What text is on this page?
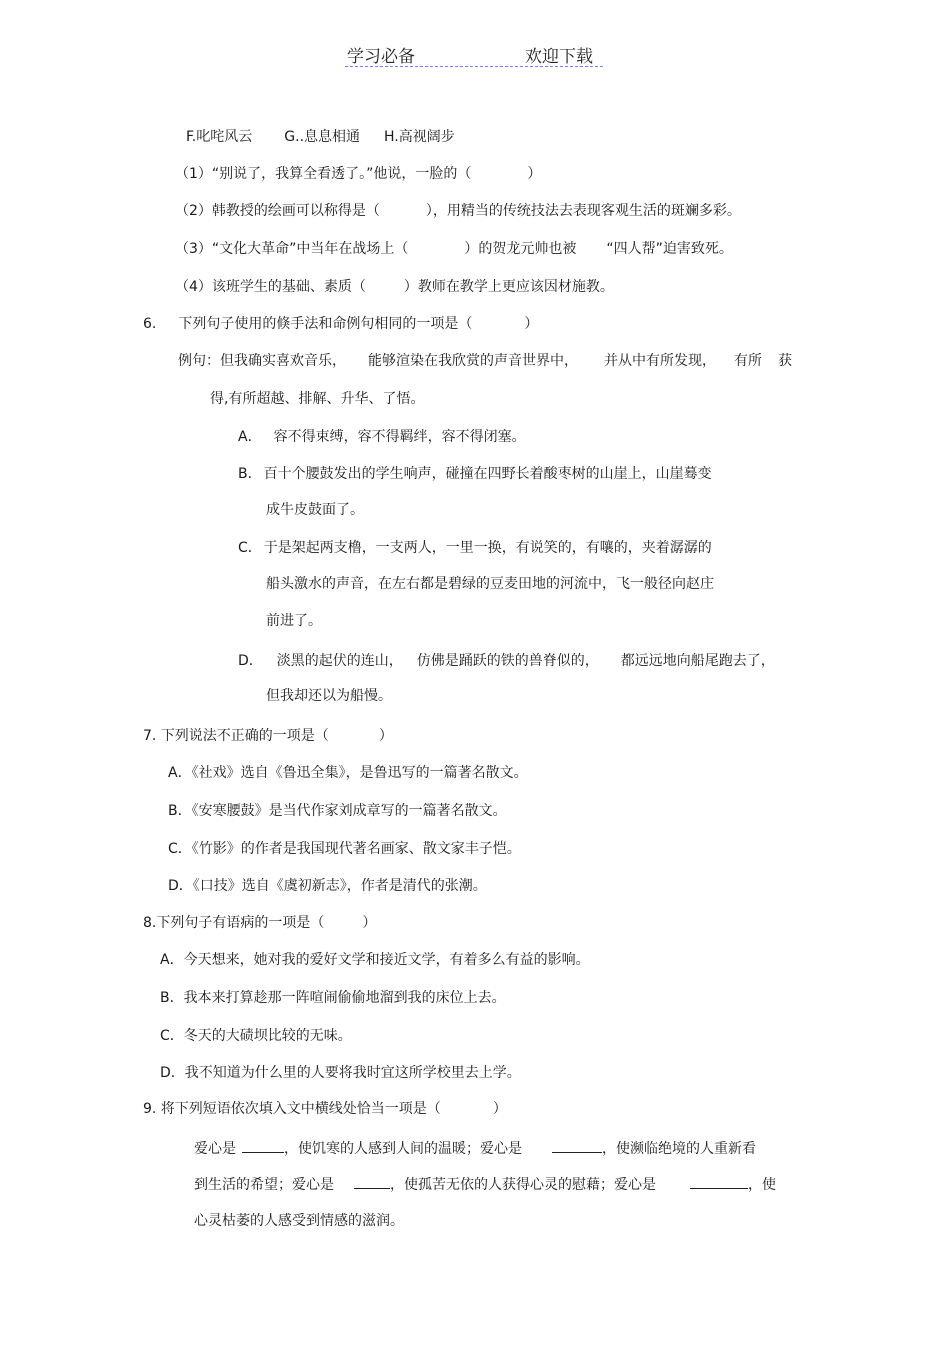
学习必备	欢迎下载
F.叱咤风云 G..息息相通 H.高视阔步
（1）“别说了，我算全看透了。”他说，一脸的（	）
（2）韩教授的绘画可以称得是（	），用精当的传统技法去表现客观生活的斑斓多彩。
（3）“文化大革命”中当年在战场上（	）的贺龙元帅也被 “四人帮”迫害致死。
（4）该班学生的基础、素质（	）教师在教学上更应该因材施教。
6. 下列句子使用的倏手法和命例句相同的一项是（	）
例句：但我确实喜欢音乐， 能够渲染在我欣赏的声音世界中， 并从中有所发现， 有所 获
得,有所超越、排解、升华、了悟。
A． 容不得束缚，容不得羁绊，容不得闭塞。
B． 百十个腰鼓发出的学生响声，碰撞在四野长着酸枣树的山崖上，山崖蓦变
成牛皮鼓面了。
C． 于是架起两支橹，一支两人，一里一换，有说笑的，有嚷的，夹着潺潺的
船头激水的声音，在左右都是碧绿的豆麦田地的河流中，飞一般径向赵庄
前进了。
D． 淡黑的起伏的连山， 仿佛是踊跃的铁的兽脊似的， 都远远地向船尾跑去了，
但我却还以为船慢。
7. 下列说法不正确的一项是（	）
A．《社戏》选自《鲁迅全集》，是鲁迅写的一篇著名散文。
B．《安寒腰鼓》是当代作家刘成章写的一篇著名散文。
C．《竹影》的作者是我国现代著名画家、散文家丰子恺。
D．《口技》选自《虞初新志》，作者是清代的张潮。
8.下列句子有语病的一项是（	）
A．今天想来，她对我的爱好文学和接近文学，有着多么有益的影响。
B．我本来打算趁那一阵喧闹偷偷地溜到我的床位上去。
C．冬天的大碛坝比较的无味。
D．我不知道为什么里的人要将我时宜这所学校里去上学。
9. 将下列短语依次填入文中横线处恰当一项是（	）
爱心是	，使饥寒的人感到人间的温暖；爱心是	，使濒临绝境的人重新看
到生活的希望；爱心是	，使孤苦无依的人获得心灵的慰藉；爱心是	，使
心灵枯萎的人感受到情感的滋润。
